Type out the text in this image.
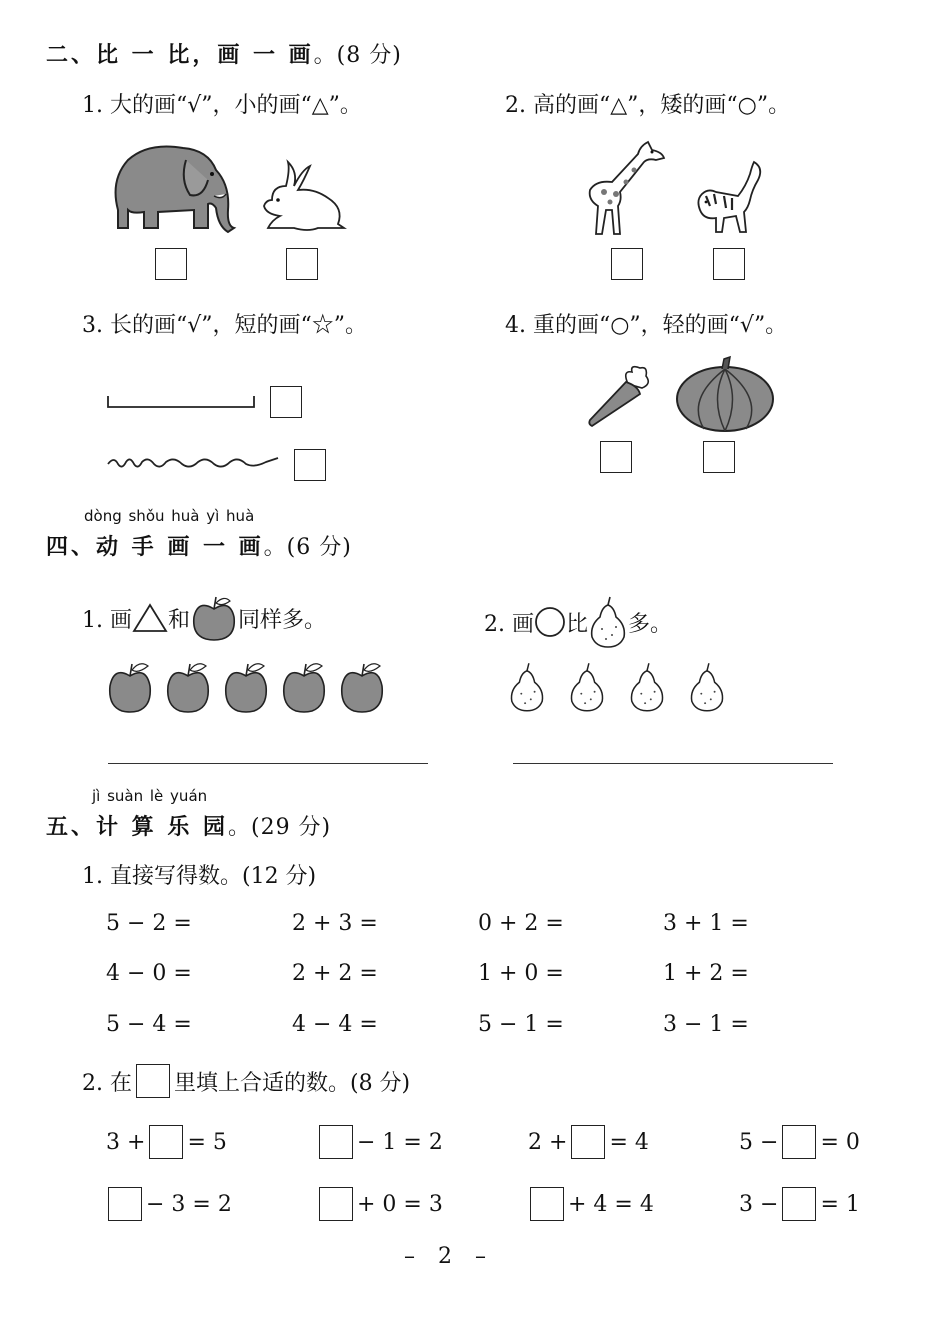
二、比 一 比，画 一 画。(8 分)
1. 大的画“√”，小的画“△”。	2. 高的画“△”，矮的画“○”。
3. 长的画“√”，短的画“☆”。	4. 重的画“○”，轻的画“√”。
dòng shǒu huà yì huà
四、动 手 画 一 画。(6 分)
1. 画 和 同样多。	2. 画 比 多。
jì suàn lè yuán
五、计 算 乐 园。(29 分)
1. 直接写得数。(12 分)
5 − 2 =	2 + 3 =	0 + 2 =	3 + 1 =
4 − 0 =	2 + 2 =	1 + 0 =	1 + 2 =
5 − 4 =	4 − 4 =	5 − 1 =	3 − 1 =
2. 在 里填上合适的数。(8 分)
3 + = 5	− 1 = 2	2 + = 4	5 − = 0
− 3 = 2	+ 0 = 3	+ 4 = 4	3 − = 1
– 2 –
